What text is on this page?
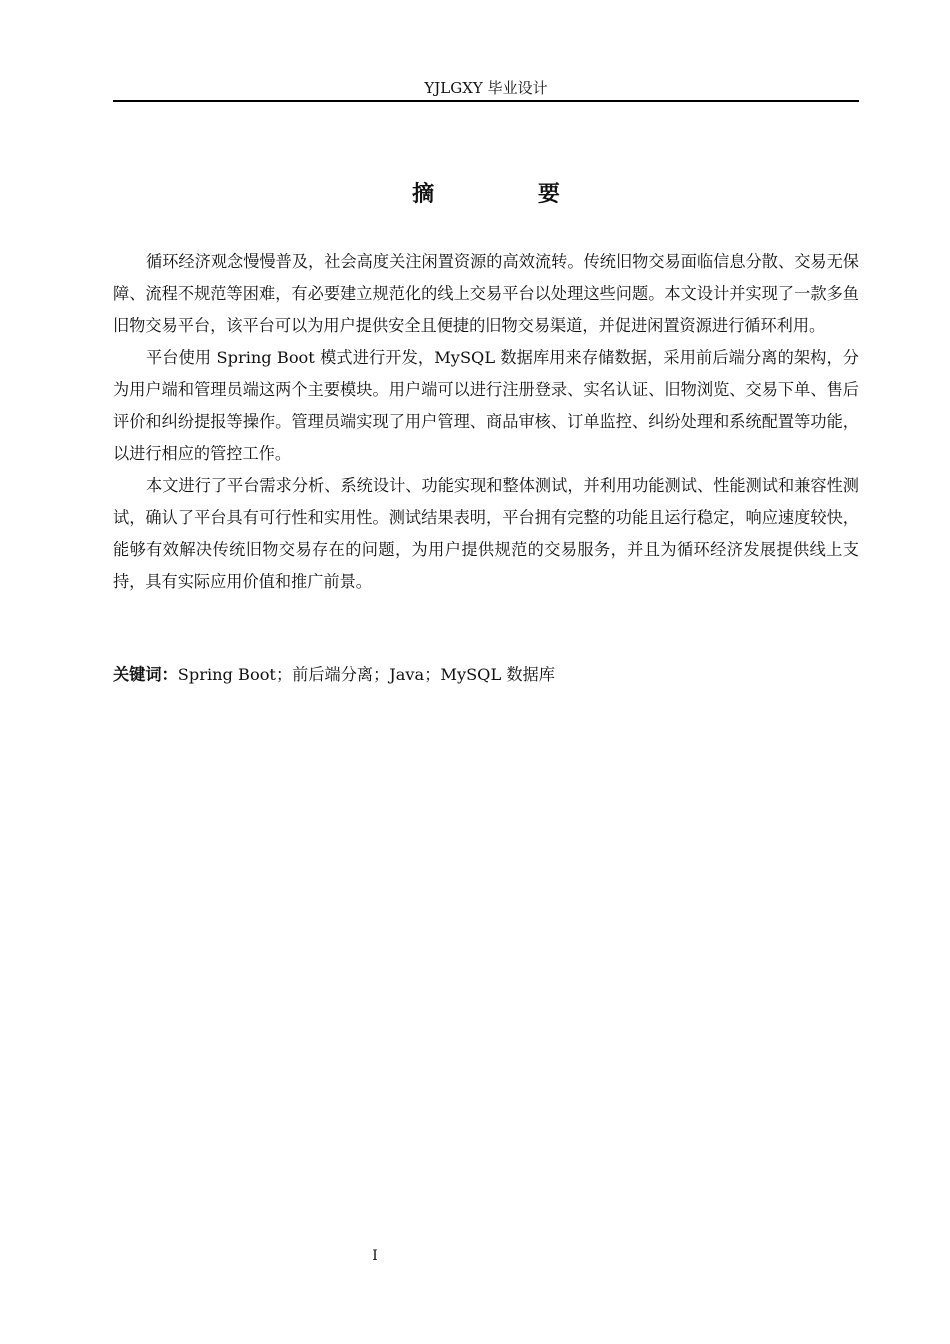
YJLGXY 毕业设计
摘 要

循环经济观念慢慢普及，社会高度关注闲置资源的高效流转。传统旧物交易面临信息分散、交易无保障、流程不规范等困难，有必要建立规范化的线上交易平台以处理这些问题。本文设计并实现了一款多鱼旧物交易平台，该平台可以为用户提供安全且便捷的旧物交易渠道，并促进闲置资源进行循环利用。

平台使用 Spring Boot 模式进行开发，MySQL 数据库用来存储数据，采用前后端分离的架构，分为用户端和管理员端这两个主要模块。用户端可以进行注册登录、实名认证、旧物浏览、交易下单、售后评价和纠纷提报等操作。管理员端实现了用户管理、商品审核、订单监控、纠纷处理和系统配置等功能，以进行相应的管控工作。

本文进行了平台需求分析、系统设计、功能实现和整体测试，并利用功能测试、性能测试和兼容性测试，确认了平台具有可行性和实用性。测试结果表明，平台拥有完整的功能且运行稳定，响应速度较快，能够有效解决传统旧物交易存在的问题，为用户提供规范的交易服务，并且为循环经济发展提供线上支持，具有实际应用价值和推广前景。

关键词：Spring Boot；前后端分离；Java；MySQL 数据库
I
